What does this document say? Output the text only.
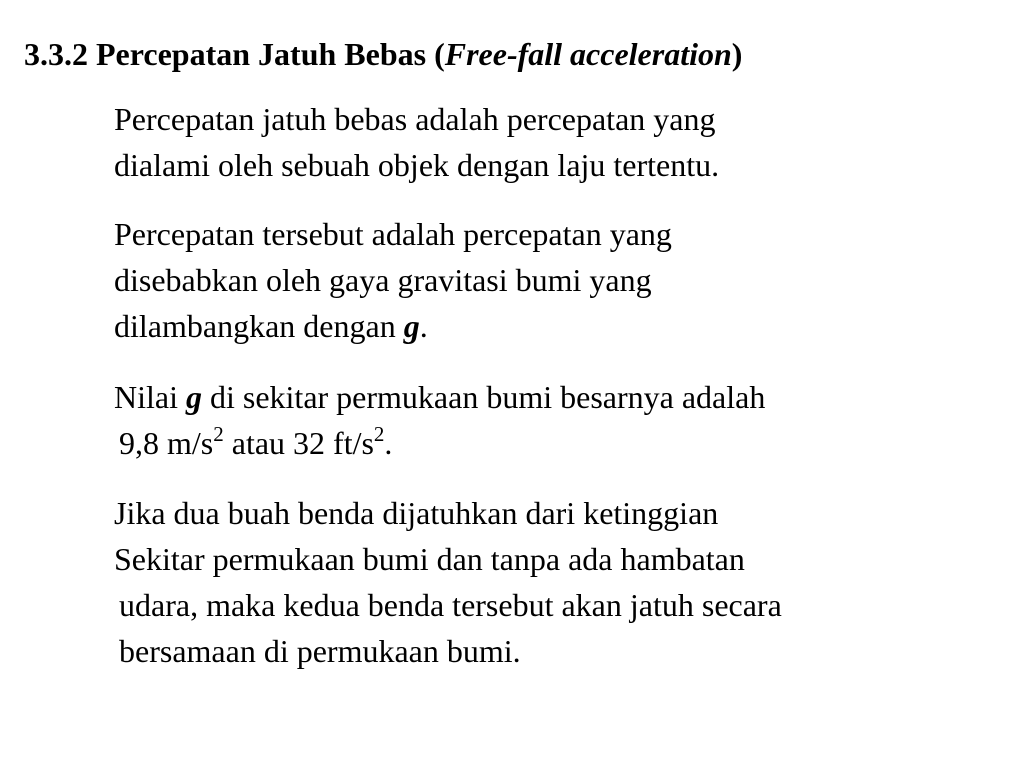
3.3.2 Percepatan Jatuh Bebas (Free-fall acceleration)
Percepatan jatuh bebas adalah percepatan yang
dialami oleh sebuah objek dengan laju tertentu.
Percepatan tersebut adalah percepatan yang
disebabkan oleh gaya gravitasi bumi yang
dilambangkan dengan g.
Nilai g di sekitar permukaan bumi besarnya adalah
9,8 $m/s^2$ atau 32 $ft/s^2$.
Jika dua buah benda dijatuhkan dari ketinggian
Sekitar permukaan bumi dan tanpa ada hambatan
udara, maka kedua benda tersebut akan jatuh secara
bersamaan di permukaan bumi.
